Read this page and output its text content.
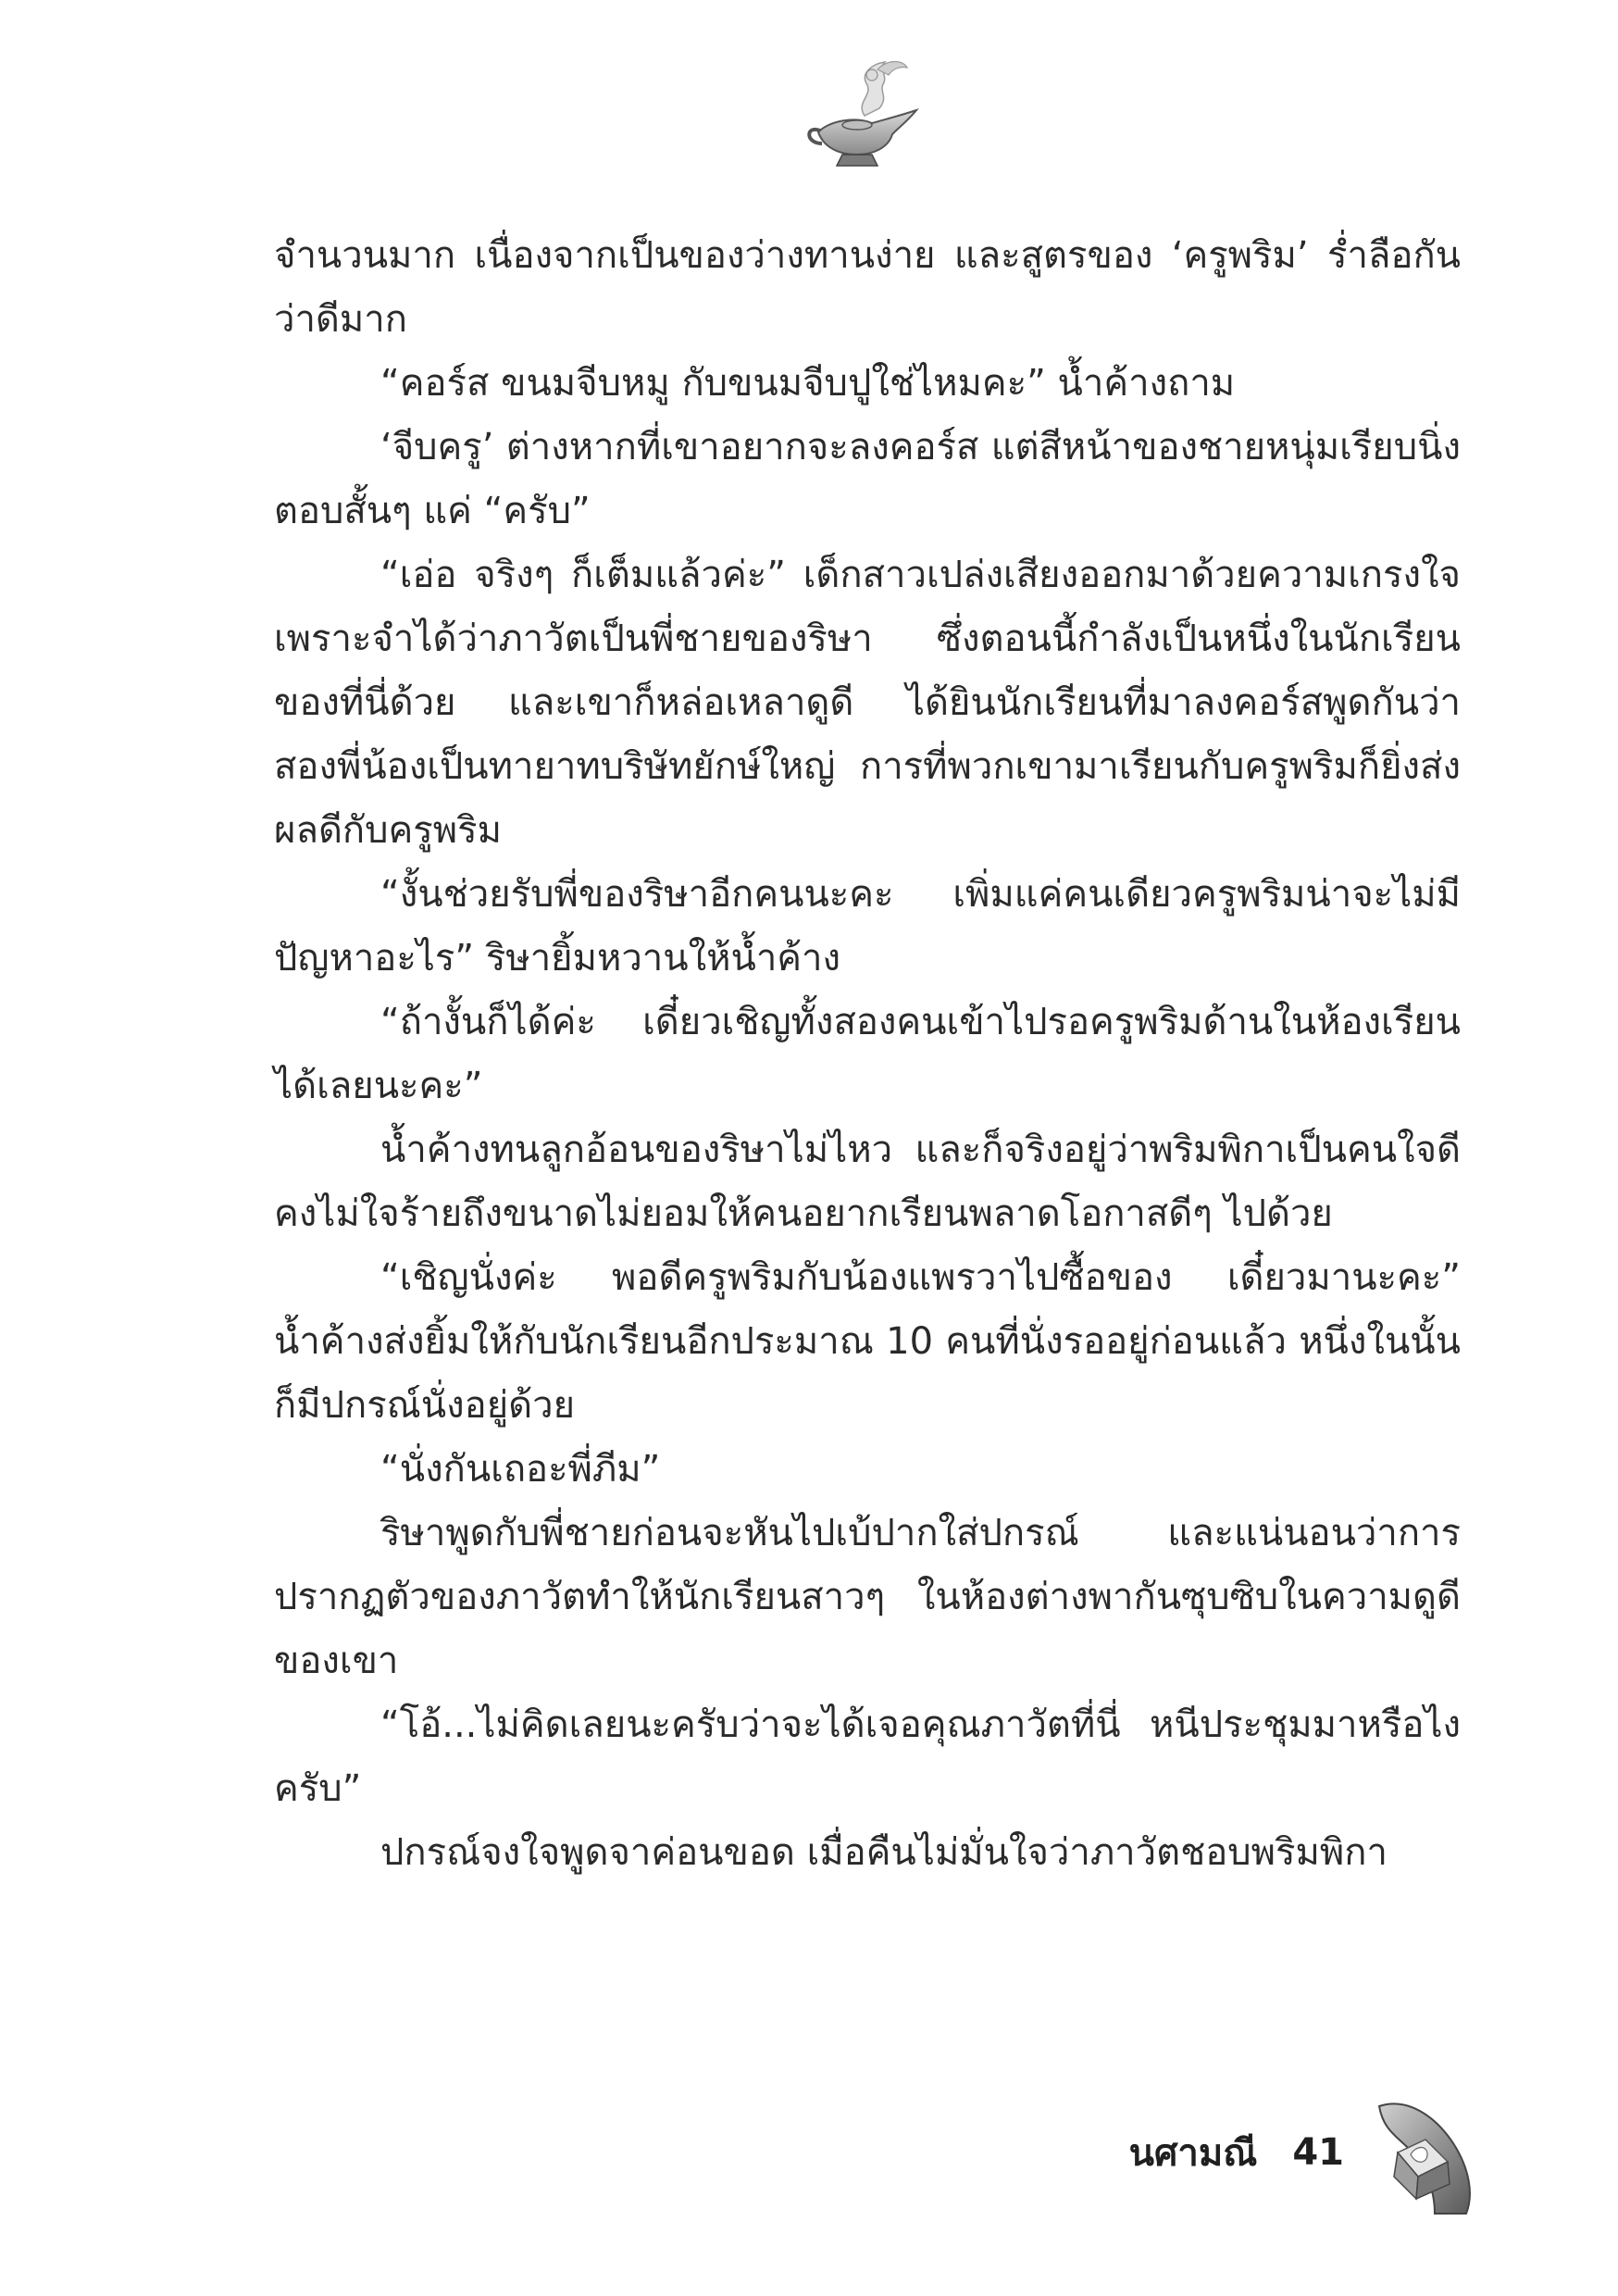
จำนวนมาก เนื่องจากเป็นของว่างทานง่าย และสูตรของ ‘ครูพริม’ ร่ำลือกันว่าดีมาก

“คอร์ส ขนมจีบหมู กับขนมจีบปูใช่ไหมคะ” น้ำค้างถาม

‘จีบครู’ ต่างหากที่เขาอยากจะลงคอร์ส แต่สีหน้าของชายหนุ่มเรียบนิ่งตอบสั้นๆ แค่ “ครับ”

“เอ่อ จริงๆ ก็เต็มแล้วค่ะ” เด็กสาวเปล่งเสียงออกมาด้วยความเกรงใจเพราะจำได้ว่าภาวัตเป็นพี่ชายของริษา ซึ่งตอนนี้กำลังเป็นหนึ่งในนักเรียนของที่นี่ด้วย และเขาก็หล่อเหลาดูดี ได้ยินนักเรียนที่มาลงคอร์สพูดกันว่าสองพี่น้องเป็นทายาทบริษัทยักษ์ใหญ่ การที่พวกเขามาเรียนกับครูพริมก็ยิ่งส่งผลดีกับครูพริม

“งั้นช่วยรับพี่ของริษาอีกคนนะคะ เพิ่มแค่คนเดียวครูพริมน่าจะไม่มีปัญหาอะไร” ริษายิ้มหวานให้น้ำค้าง

“ถ้างั้นก็ได้ค่ะ เดี๋ยวเชิญทั้งสองคนเข้าไปรอครูพริมด้านในห้องเรียนได้เลยนะคะ”

น้ำค้างทนลูกอ้อนของริษาไม่ไหว และก็จริงอยู่ว่าพริมพิกาเป็นคนใจดี คงไม่ใจร้ายถึงขนาดไม่ยอมให้คนอยากเรียนพลาดโอกาสดีๆ ไปด้วย

“เชิญนั่งค่ะ พอดีครูพริมกับน้องแพรวาไปซื้อของ เดี๋ยวมานะคะ” น้ำค้างส่งยิ้มให้กับนักเรียนอีกประมาณ 10 คนที่นั่งรออยู่ก่อนแล้ว หนึ่งในนั้นก็มีปกรณ์นั่งอยู่ด้วย

“นั่งกันเถอะพี่ภีม”

ริษาพูดกับพี่ชายก่อนจะหันไปเบ้ปากใส่ปกรณ์ และแน่นอนว่าการปรากฏตัวของภาวัตทำให้นักเรียนสาวๆ ในห้องต่างพากันซุบซิบในความดูดีของเขา

“โอ้...ไม่คิดเลยนะครับว่าจะได้เจอคุณภาวัตที่นี่ หนีประชุมมาหรือไงครับ”

ปกรณ์จงใจพูดจาค่อนขอด เมื่อคืนไม่มั่นใจว่าภาวัตชอบพริมพิกา

นศามณี 41
